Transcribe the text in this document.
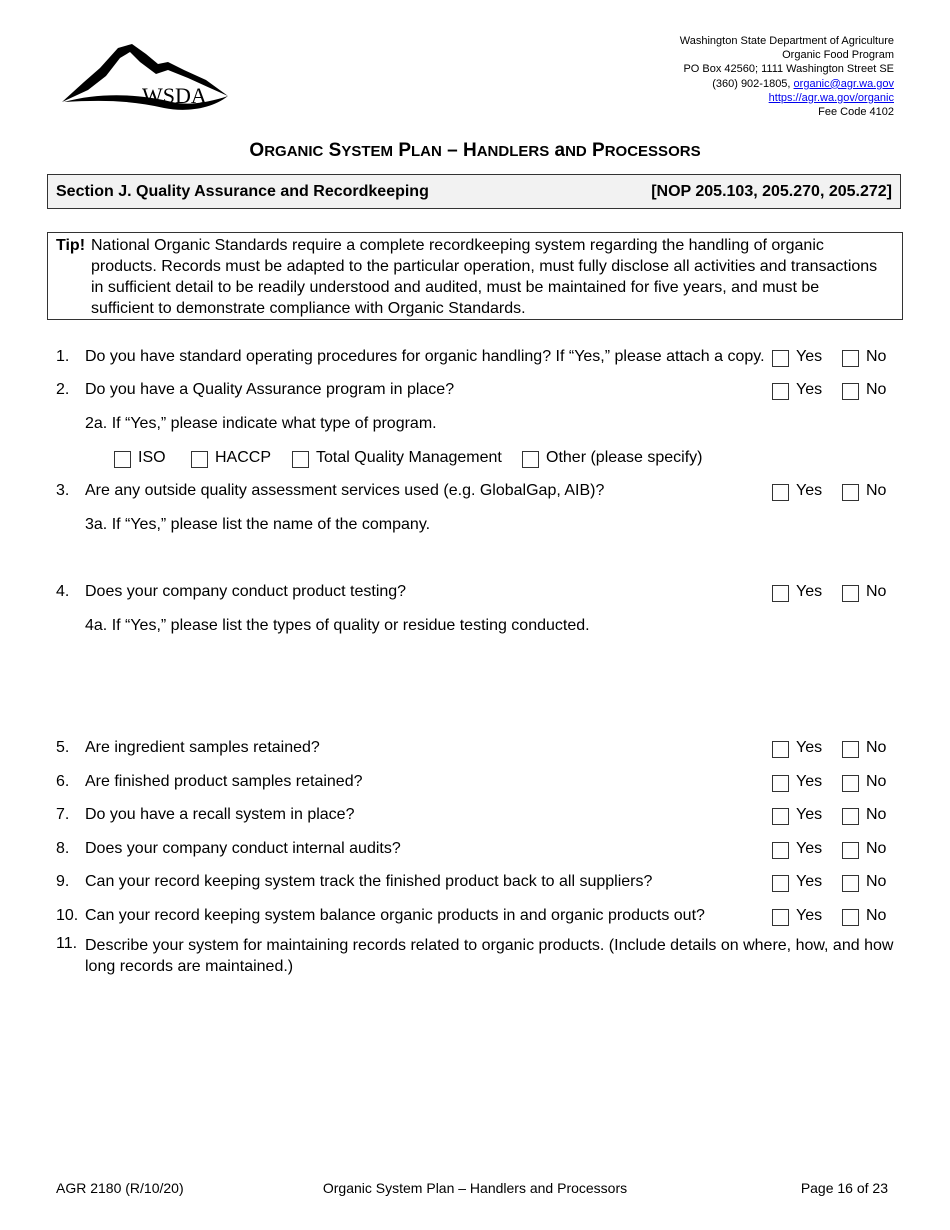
WSDA
Washington State Department of Agriculture
Organic Food Program
PO Box 42560; 1111 Washington Street SE
(360) 902-1805, organic@agr.wa.gov
https://agr.wa.gov/organic
Fee Code 4102
ORGANIC SYSTEM PLAN – HANDLERS aND PROCESSORS
Section J. Quality Assurance and Recordkeeping	[NOP 205.103, 205.270, 205.272]
Tip! National Organic Standards require a complete recordkeeping system regarding the handling of organic products. Records must be adapted to the particular operation, must fully disclose all activities and transactions in sufficient detail to be readily understood and audited, must be maintained for five years, and must be sufficient to demonstrate compliance with Organic Standards.
1. Do you have standard operating procedures for organic handling? If “Yes,” please attach a copy. Yes	No
2. Do you have a Quality Assurance program in place?	Yes	No
2a. If “Yes,” please indicate what type of program.
ISO	HACCP	Total Quality Management	Other (please specify)
3. Are any outside quality assessment services used (e.g. GlobalGap, AIB)?	Yes	No
3a. If “Yes,” please list the name of the company.
4. Does your company conduct product testing?	Yes	No
4a. If “Yes,” please list the types of quality or residue testing conducted.
5. Are ingredient samples retained?	Yes	No
6. Are finished product samples retained?	Yes	No
7. Do you have a recall system in place?	Yes	No
8. Does your company conduct internal audits?	Yes	No
9. Can your record keeping system track the finished product back to all suppliers?	Yes	No
10. Can your record keeping system balance organic products in and organic products out?	Yes	No
11. Describe your system for maintaining records related to organic products. (Include details on where, how, and how long records are maintained.)
AGR 2180 (R/10/20)	Organic System Plan – Handlers and Processors	Page 16 of 23
